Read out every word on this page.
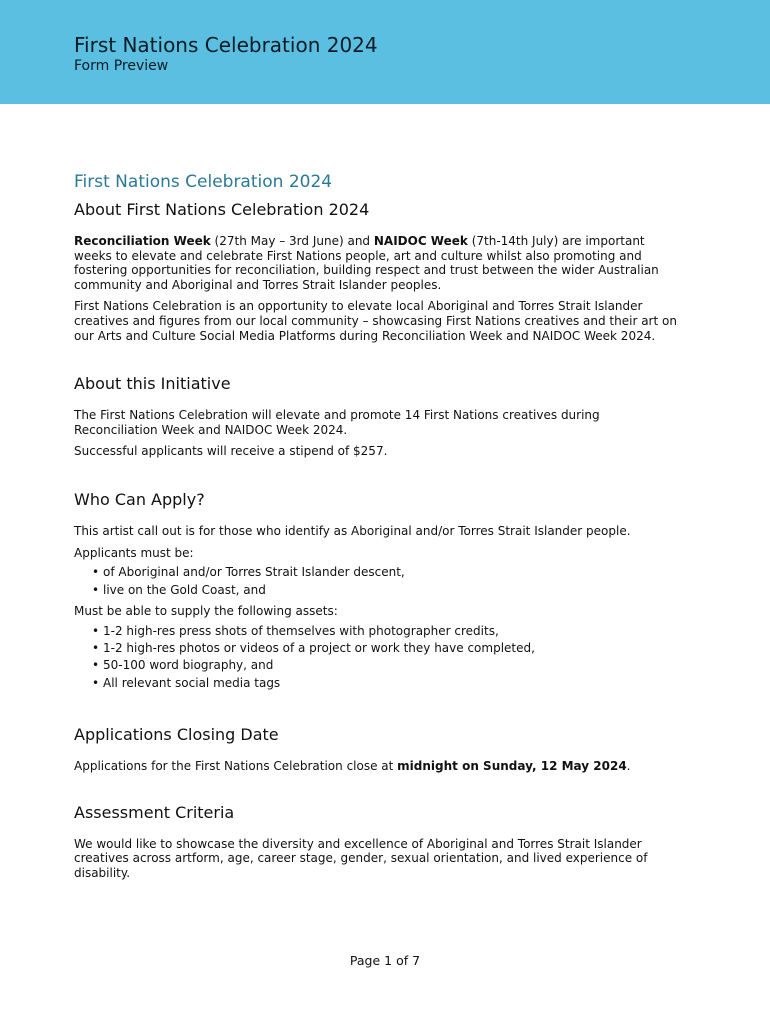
First Nations Celebration 2024
Form Preview
First Nations Celebration 2024
About First Nations Celebration 2024

Reconciliation Week (27th May – 3rd June) and NAIDOC Week (7th-14th July) are important weeks to elevate and celebrate First Nations people, art and culture whilst also promoting and fostering opportunities for reconciliation, building respect and trust between the wider Australian community and Aboriginal and Torres Strait Islander peoples.

First Nations Celebration is an opportunity to elevate local Aboriginal and Torres Strait Islander creatives and figures from our local community – showcasing First Nations creatives and their art on our Arts and Culture Social Media Platforms during Reconciliation Week and NAIDOC Week 2024.

About this Initiative

The First Nations Celebration will elevate and promote 14 First Nations creatives during Reconciliation Week and NAIDOC Week 2024.

Successful applicants will receive a stipend of $257.

Who Can Apply?

This artist call out is for those who identify as Aboriginal and/or Torres Strait Islander people.

Applicants must be:

• of Aboriginal and/or Torres Strait Islander descent,
• live on the Gold Coast, and

Must be able to supply the following assets:

• 1-2 high-res press shots of themselves with photographer credits,
• 1-2 high-res photos or videos of a project or work they have completed,
• 50-100 word biography, and
• All relevant social media tags
Applications Closing Date

Applications for the First Nations Celebration close at midnight on Sunday, 12 May 2024.

Assessment Criteria

We would like to showcase the diversity and excellence of Aboriginal and Torres Strait Islander creatives across artform, age, career stage, gender, sexual orientation, and lived experience of disability.

Page 1 of 7
